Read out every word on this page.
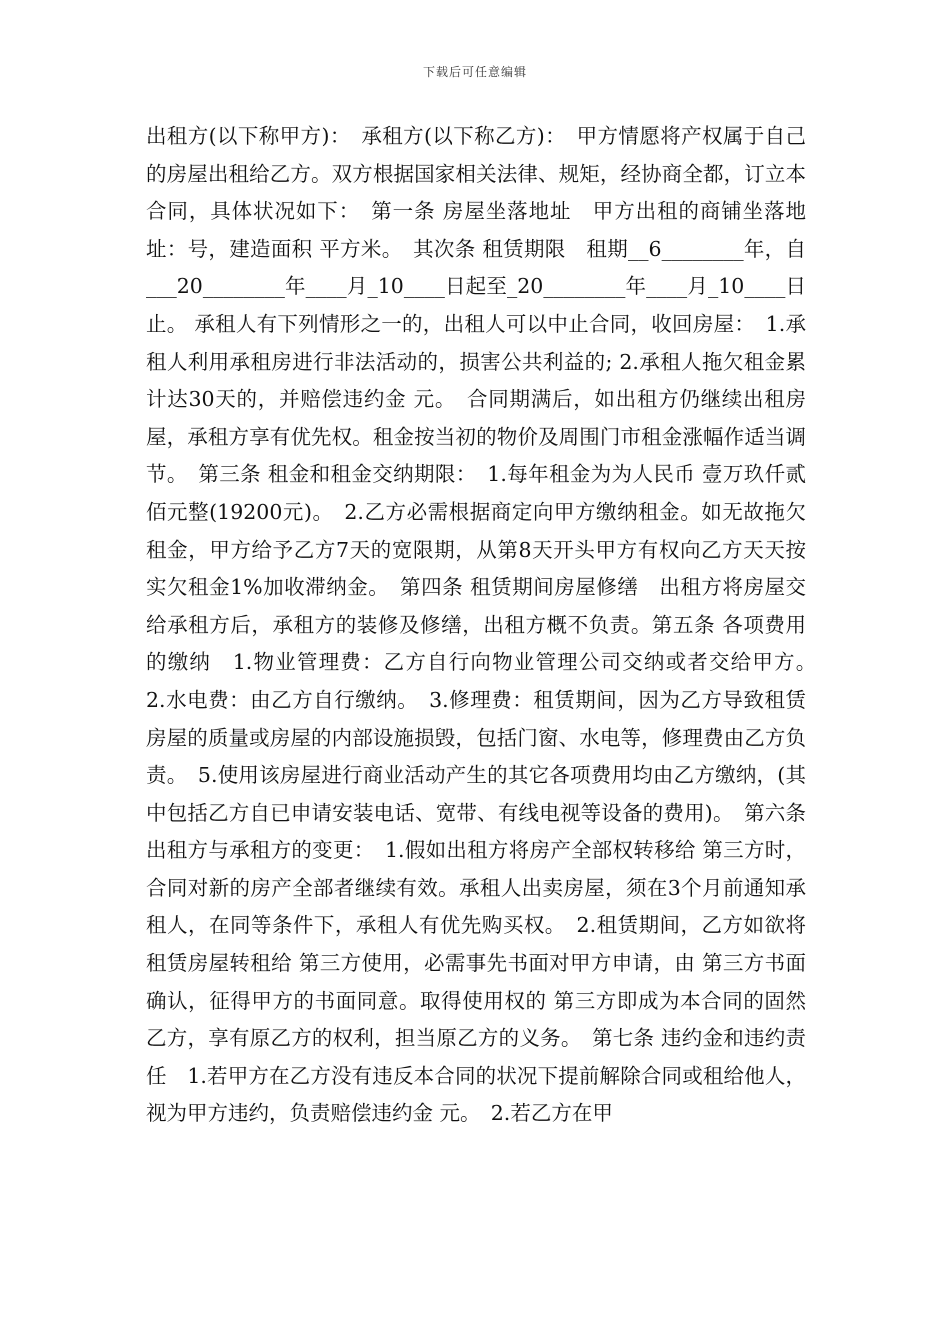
下载后可任意编辑

出租方(以下称甲方)：　承租方(以下称乙方)：　甲方情愿将产权属于自己的房屋出租给乙方。双方根据国家相关法律、规矩，经协商全都，订立本合同，具体状况如下：　第一条 房屋坐落地址　甲方出租的商铺坐落地址：号，建造面积 平方米。　其次条 租赁期限　租期__6________年，自___20________年____月_10____日起至_20________年____月_10____日止。 承租人有下列情形之一的，出租人可以中止合同，收回房屋：　1.承租人利用承租房进行非法活动的，损害公共利益的; 2.承租人拖欠租金累计达30天的，并赔偿违约金 元。　合同期满后，如出租方仍继续出租房屋，承租方享有优先权。租金按当初的物价及周围门市租金涨幅作适当调节。　第三条 租金和租金交纳期限：　1.每年租金为为人民币 壹万玖仟贰佰元整(19200元)。　2.乙方必需根据商定向甲方缴纳租金。如无故拖欠租金，甲方给予乙方7天的宽限期，从第8天开头甲方有权向乙方天天按实欠租金1%加收滞纳金。　第四条 租赁期间房屋修缮　出租方将房屋交给承租方后，承租方的装修及修缮，出租方概不负责。第五条 各项费用的缴纳　1.物业管理费：乙方自行向物业管理公司交纳或者交给甲方。　2.水电费：由乙方自行缴纳。　3.修理费：租赁期间，因为乙方导致租赁房屋的质量或房屋的内部设施损毁，包括门窗、水电等，修理费由乙方负责。　5.使用该房屋进行商业活动产生的其它各项费用均由乙方缴纳，(其中包括乙方自已申请安装电话、宽带、有线电视等设备的费用)。　第六条 出租方与承租方的变更：　1.假如出租方将房产全部权转移给 第三方时，合同对新的房产全部者继续有效。承租人出卖房屋，须在3个月前通知承租人，在同等条件下，承租人有优先购买权。　2.租赁期间，乙方如欲将租赁房屋转租给 第三方使用，必需事先书面对甲方申请，由 第三方书面确认，征得甲方的书面同意。取得使用权的 第三方即成为本合同的固然乙方，享有原乙方的权利，担当原乙方的义务。　第七条 违约金和违约责任　1.若甲方在乙方没有违反本合同的状况下提前解除合同或租给他人，视为甲方违约，负责赔偿违约金 元。　2.若乙方在甲
